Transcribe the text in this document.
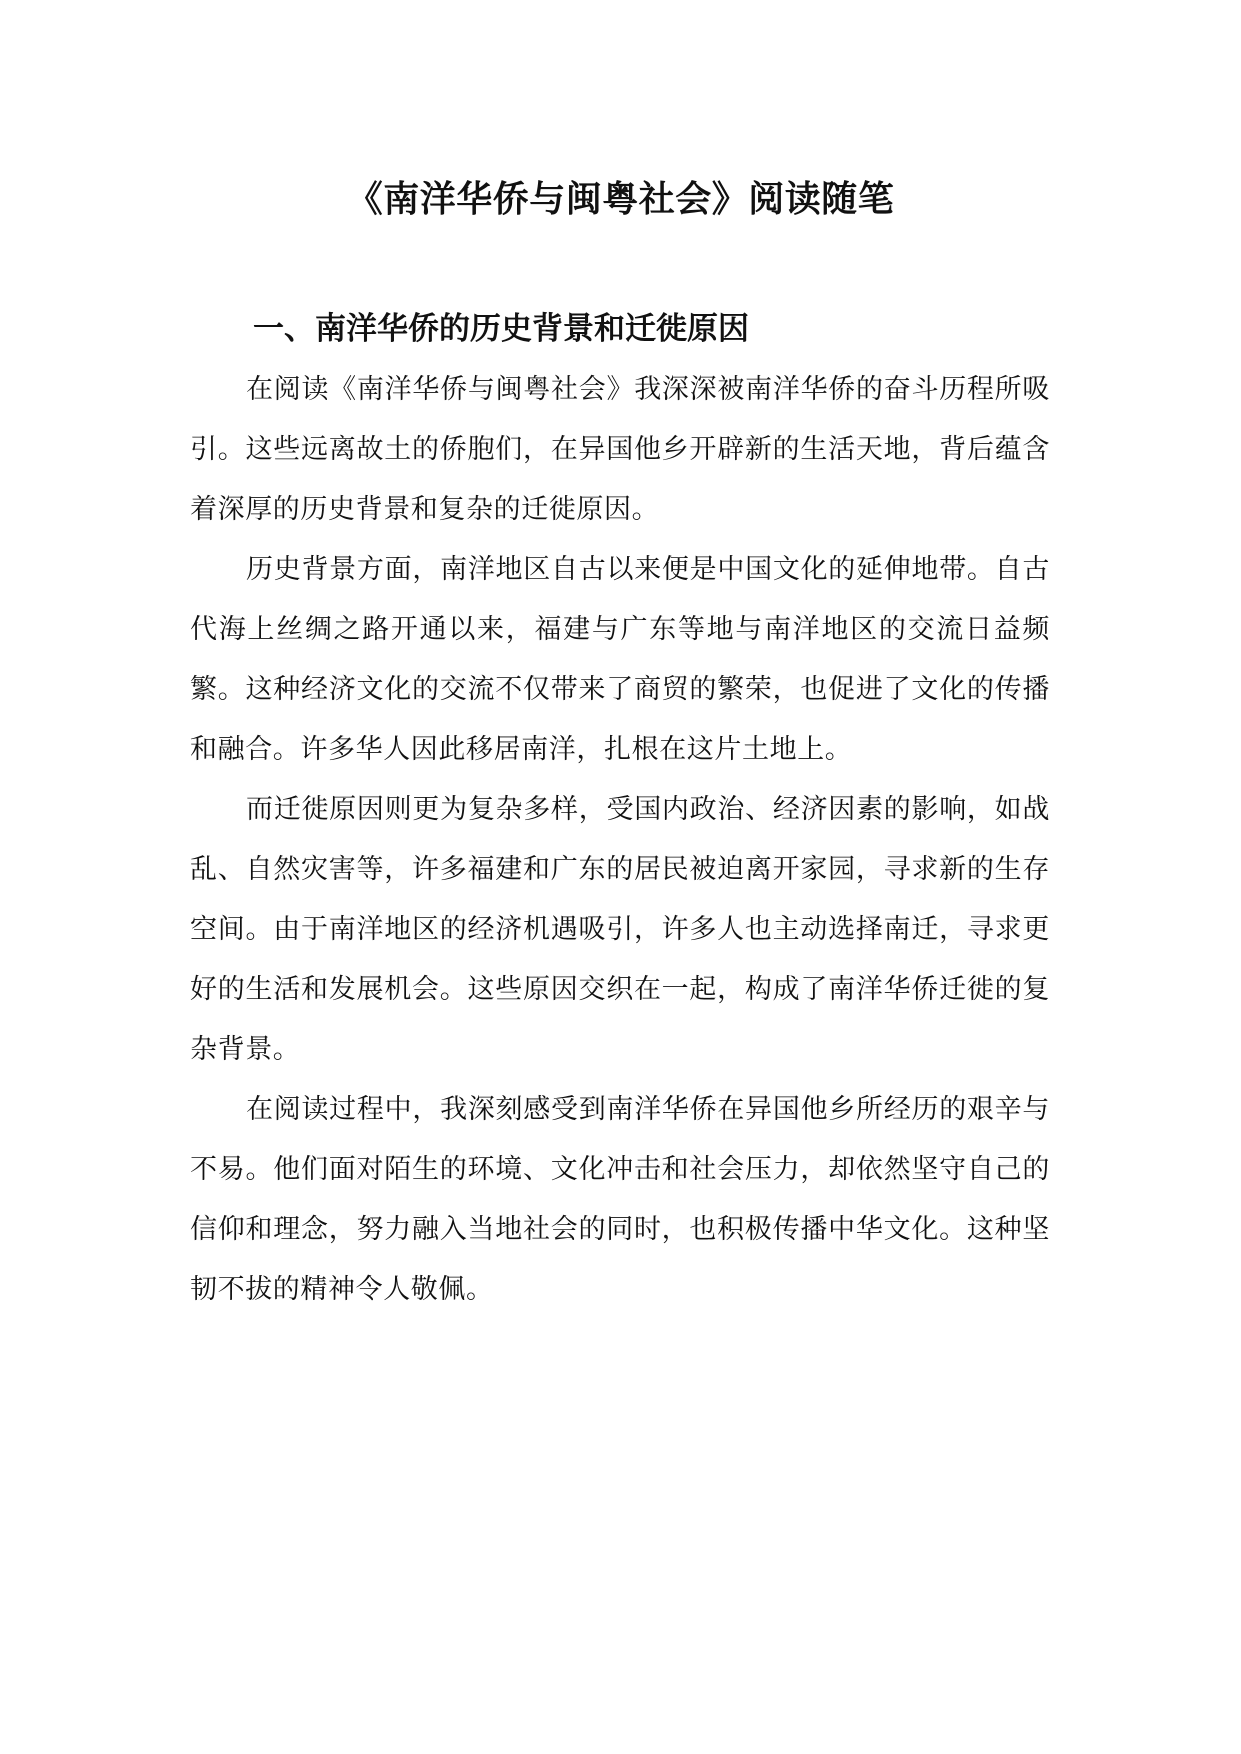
《南洋华侨与闽粤社会》阅读随笔
一、南洋华侨的历史背景和迁徙原因

在阅读《南洋华侨与闽粤社会》我深深被南洋华侨的奋斗历程所吸引。这些远离故土的侨胞们，在异国他乡开辟新的生活天地，背后蕴含着深厚的历史背景和复杂的迁徙原因。

历史背景方面，南洋地区自古以来便是中国文化的延伸地带。自古代海上丝绸之路开通以来，福建与广东等地与南洋地区的交流日益频繁。这种经济文化的交流不仅带来了商贸的繁荣，也促进了文化的传播和融合。许多华人因此移居南洋，扎根在这片土地上。

而迁徙原因则更为复杂多样，受国内政治、经济因素的影响，如战乱、自然灾害等，许多福建和广东的居民被迫离开家园，寻求新的生存空间。由于南洋地区的经济机遇吸引，许多人也主动选择南迁，寻求更好的生活和发展机会。这些原因交织在一起，构成了南洋华侨迁徙的复杂背景。

在阅读过程中，我深刻感受到南洋华侨在异国他乡所经历的艰辛与不易。他们面对陌生的环境、文化冲击和社会压力，却依然坚守自己的信仰和理念，努力融入当地社会的同时，也积极传播中华文化。这种坚韧不拔的精神令人敬佩。
